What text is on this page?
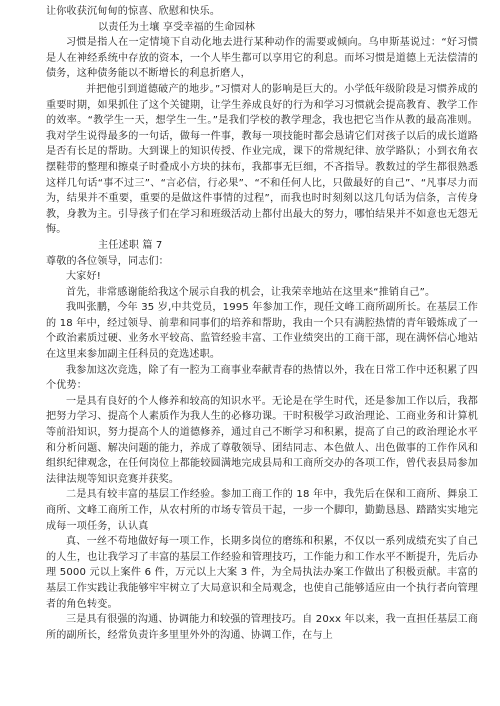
让你收获沉甸甸的惊喜、欣慰和快乐。

以责任为土壤 享受幸福的生命园林

习惯是指人在一定情境下自动化地去进行某种动作的需要或倾向。乌申斯基说过：“好习惯是人在神经系统中存放的资本，一个人毕生都可以享用它的利息。而坏习惯是道德上无法偿清的债务，这种债务能以不断增长的利息折磨人，

并把他引到道德破产的地步。”习惯对人的影响是巨大的。小学低年级阶段是习惯养成的重要时期，如果抓住了这个关键期，让学生养成良好的行为和学习习惯就会提高教育、教学工作的效率。“教学生一天，想学生一生。”是我们学校的教学理念，我也把它当作从教的最高准则。我对学生说得最多的一句话，做每一件事，教每一项技能时都会恳请它们对孩子以后的成长道路是否有长足的帮助。大到课上的知识传授、作业完成，课下的常规纪律、放学路队；小到衣角衣摆鞋带的整理和擦桌子时叠成小方块的抹布，我都事无巨细，不吝指导。教数过的学生都很熟悉这样几句话“事不过三”、“言必信，行必果”、“不和任何人比，只做最好的自己”、“凡事尽力而为，结果并不重要，重要的是做这件事情的过程”，而我也时时刻刻以这几句话为信条，言传身教，身教为主。引导孩子们在学习和班级活动上都付出最大的努力，哪怕结果并不如意也无怨无悔。

主任述职 篇 7

尊敬的各位领导，同志们：

大家好!

首先，非常感谢能给我这个展示自我的机会，让我荣幸地站在这里来“推销自己”。

我叫张鹏，今年 35 岁,中共党员，1995 年参加工作，现任文峰工商所副所长。在基层工作的 18 年中，经过领导、前辈和同事们的培养和帮助，我由一个只有满腔热情的青年锻炼成了一个政治素质过硬、业务水平较高、监管经验丰富、工作业绩突出的工商干部，现在满怀信心地站在这里来参加副主任科员的竞选述职。

我参加这次竞选，除了有一腔为工商事业奉献青春的热情以外，我在日常工作中还积累了四个优势：

一是具有良好的个人修养和较高的知识水平。无论是在学生时代，还是参加工作以后，我都把努力学习、提高个人素质作为我人生的必修功课。干时积极学习政治理论、工商业务和计算机等前沿知识，努力提高个人的道德修养，通过自己不断学习和积累，提高了自己的政治理论水平和分析问题、解决问题的能力，养成了尊敬领导、团结同志、本色做人、出色做事的工作作风和组织纪律观念，在任何岗位上都能较圆满地完成县局和工商所交办的各项工作，曾代表县局参加法律法规等知识竞赛并获奖。

二是具有较丰富的基层工作经验。参加工商工作的 18 年中，我先后在保和工商所、舞泉工商所、文峰工商所工作，从农村所的市场专管员干起，一步一个脚印，勤勤恳恳、踏踏实实地完成每一项任务，认认真

真、一丝不苟地做好每一项工作，长期多岗位的磨练和积累，不仅以一系列成绩充实了自己的人生，也让我学习了丰富的基层工作经验和管理技巧，工作能力和工作水平不断提升，先后办理 5000 元以上案件 6 件，万元以上大案 3 件，为全局执法办案工作做出了积极贡献。丰富的基层工作实践让我能够牢牢树立了大局意识和全局观念，也使自己能够适应由一个执行者向管理者的角色转变。

三是具有很强的沟通、协调能力和较强的管理技巧。自 20xx 年以来，我一直担任基层工商所的副所长，经常负责许多里里外外的沟通、协调工作，在与上
